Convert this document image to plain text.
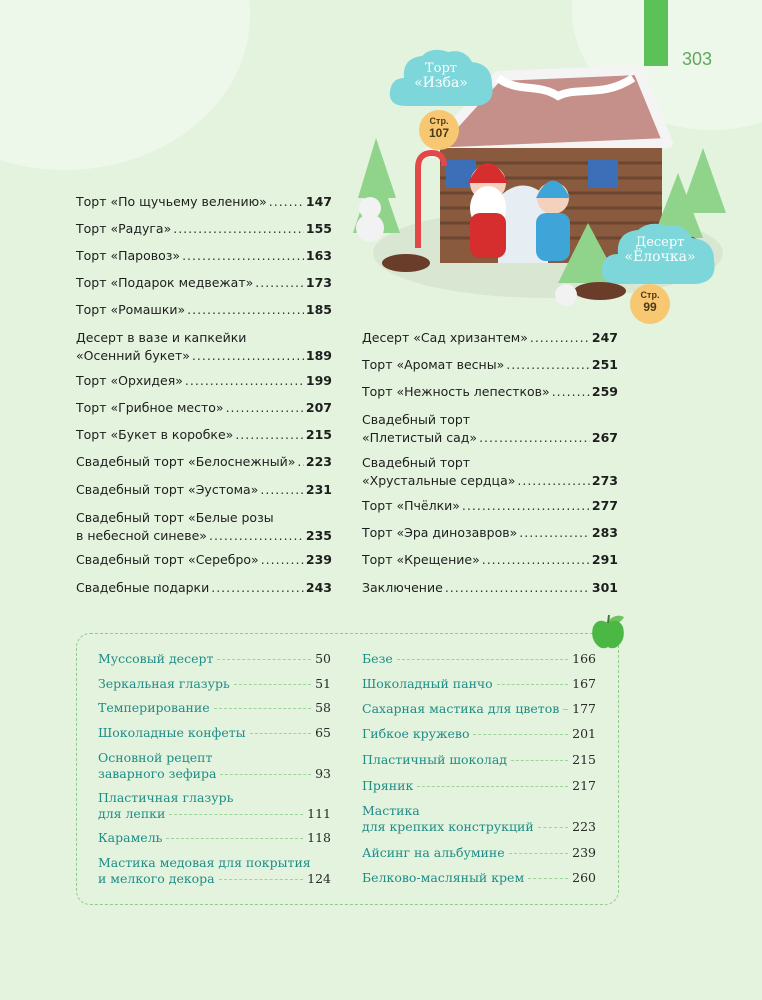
303
Торт
«Изба»
Стр.
107
Десерт
«Ёлочка»
Стр.
99
Торт «По щучьему велению» .....	147
Торт «Радуга» .....	155
Торт «Паровоз» .....	163
Торт «Подарок медвежат» .....	173
Торт «Ромашки» .....	185
Десерт в вазе и капкейки
«Осенний букет» .....	189
Торт «Орхидея» .....	199
Торт «Грибное место» .....	207
Торт «Букет в коробке» .....	215
Свадебный торт «Белоснежный» ..... 223
Свадебный торт «Эустома» .....	231
Свадебный торт «Белые розы
в небесной синеве» .....	235
Свадебный торт «Серебро» .....	239
Свадебные подарки .....	243
Десерт «Сад хризантем» .....	247
Торт «Аромат весны» .....	251
Торт «Нежность лепестков» .....	259
Свадебный торт
«Плетистый сад» .....	267
Свадебный торт
«Хрустальные сердца» .....	273
Торт «Пчёлки» .....	277
Торт «Эра динозавров» .....	283
Торт «Крещение» .....	291
Заключение .....	301
Муссовый десерт	50
Зеркальная глазурь	51
Темперирование	58
Шоколадные конфеты	65
Основной рецепт
заварного зефира	93
Пластичная глазурь
для лепки	111
Карамель	118
Мастика медовая для покрытия
и мелкого декора	124
Безе	166
Шоколадный панчо	167
Сахарная мастика для цветов 177
Гибкое кружево	201
Пластичный шоколад	215
Пряник	217
Мастика
для крепких конструкций	223
Айсинг на альбумине	239
Белково-масляный крем	260
